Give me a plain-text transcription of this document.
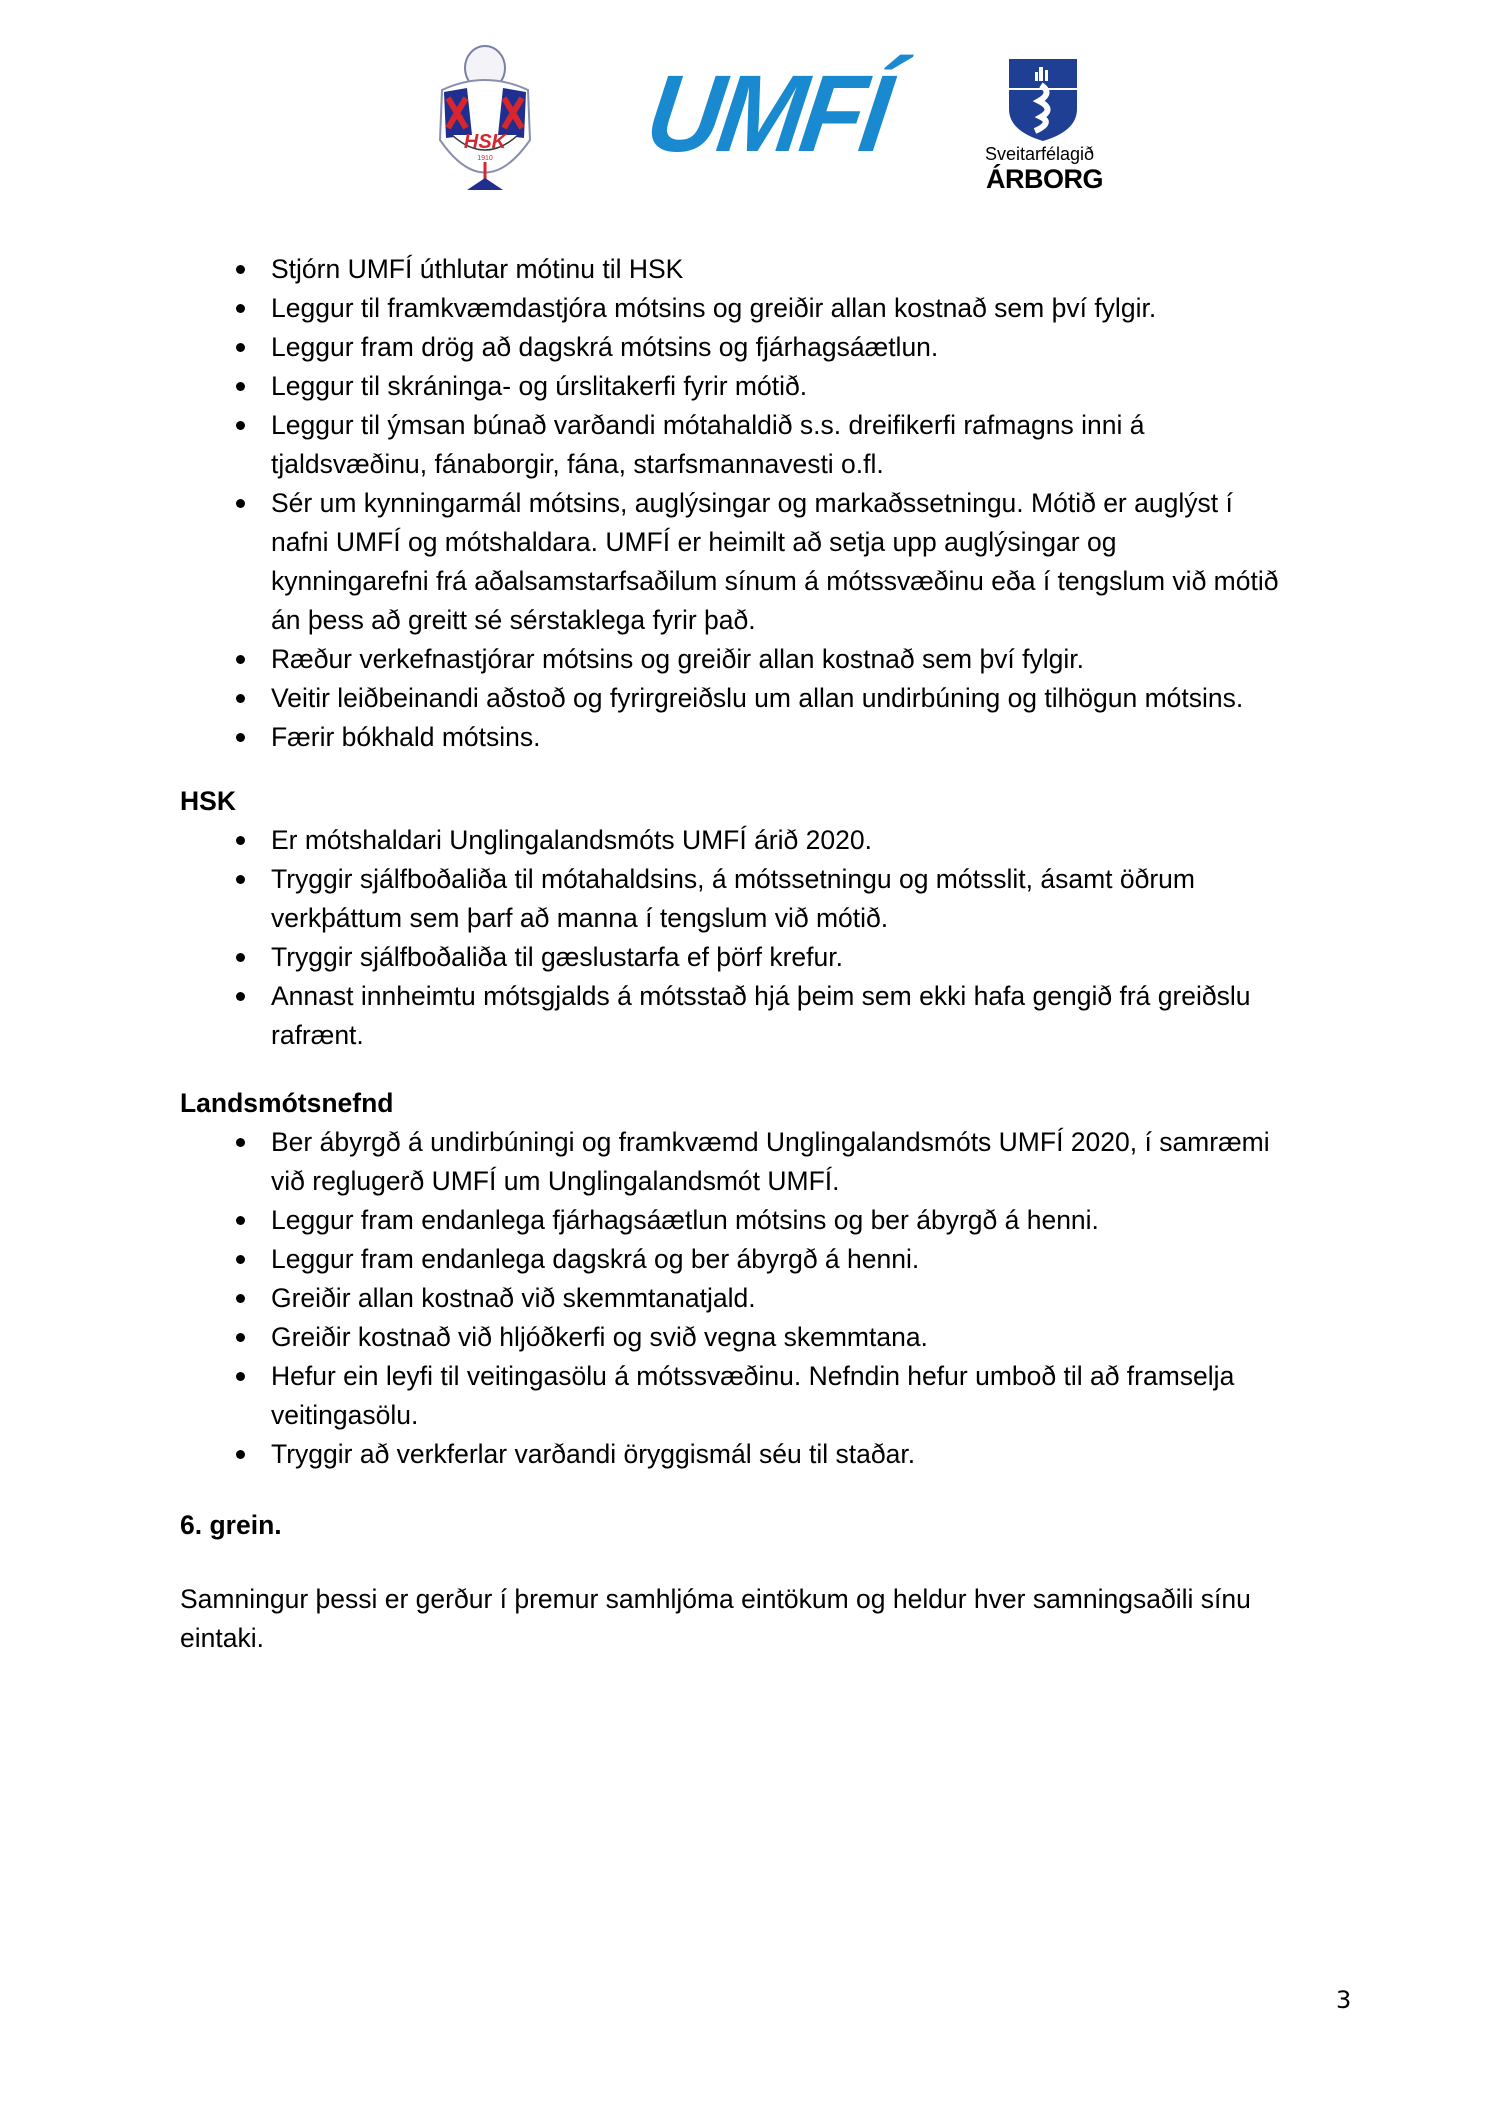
HSK
1910 UMFÍ	Sveitarfélagið
ÁRBORG
Stjórn UMFÍ úthlutar mótinu til HSK
Leggur til framkvæmdastjóra mótsins og greiðir allan kostnað sem því fylgir.
Leggur fram drög að dagskrá mótsins og fjárhagsáætlun.
Leggur til skráninga- og úrslitakerfi fyrir mótið.
Leggur til ýmsan búnað varðandi mótahaldið s.s. dreifikerfi rafmagns inni á
tjaldsvæðinu, fánaborgir, fána, starfsmannavesti o.fl.
Sér um kynningarmál mótsins, auglýsingar og markaðssetningu. Mótið er auglýst í
nafni UMFÍ og mótshaldara. UMFÍ er heimilt að setja upp auglýsingar og
kynningarefni frá aðalsamstarfsaðilum sínum á mótssvæðinu eða í tengslum við mótið
án þess að greitt sé sérstaklega fyrir það.
Ræður verkefnastjórar mótsins og greiðir allan kostnað sem því fylgir.
Veitir leiðbeinandi aðstoð og fyrirgreiðslu um allan undirbúning og tilhögun mótsins.
Færir bókhald mótsins.
HSK
Er mótshaldari Unglingalandsmóts UMFÍ árið 2020.
Tryggir sjálfboðaliða til mótahaldsins, á mótssetningu og mótsslit, ásamt öðrum
verkþáttum sem þarf að manna í tengslum við mótið.
Tryggir sjálfboðaliða til gæslustarfa ef þörf krefur.
Annast innheimtu mótsgjalds á mótsstað hjá þeim sem ekki hafa gengið frá greiðslu
rafrænt.
Landsmótsnefnd
Ber ábyrgð á undirbúningi og framkvæmd Unglingalandsmóts UMFÍ 2020, í samræmi
við reglugerð UMFÍ um Unglingalandsmót UMFÍ.
Leggur fram endanlega fjárhagsáætlun mótsins og ber ábyrgð á henni.
Leggur fram endanlega dagskrá og ber ábyrgð á henni.
Greiðir allan kostnað við skemmtanatjald.
Greiðir kostnað við hljóðkerfi og svið vegna skemmtana.
Hefur ein leyfi til veitingasölu á mótssvæðinu. Nefndin hefur umboð til að framselja
veitingasölu.
Tryggir að verkferlar varðandi öryggismál séu til staðar.
6. grein.
Samningur þessi er gerður í þremur samhljóma eintökum og heldur hver samningsaðili sínu
eintaki.
3
